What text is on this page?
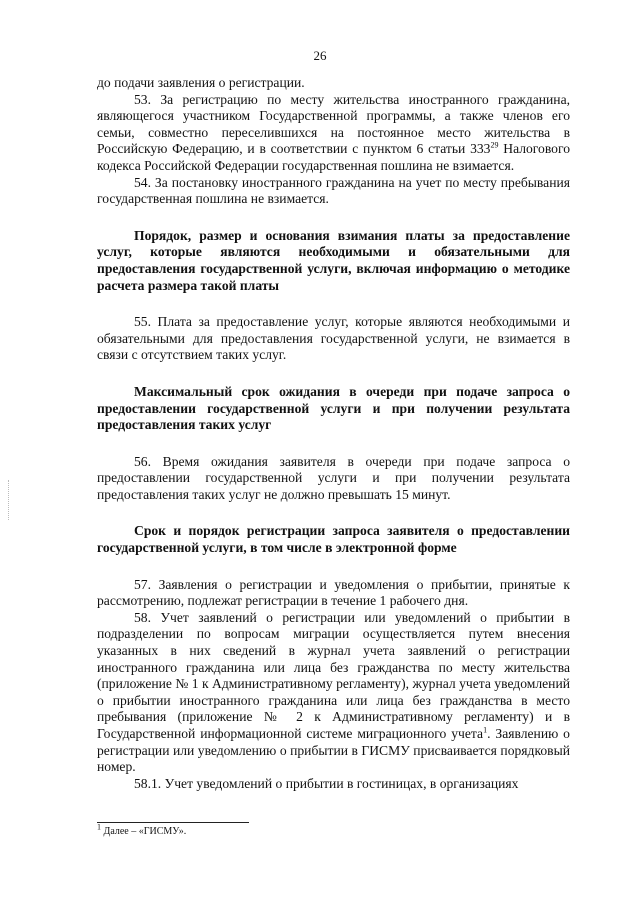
26

до подачи заявления о регистрации.

53. За регистрацию по месту жительства иностранного гражданина, являющегося участником Государственной программы, а также членов его семьи, совместно переселившихся на постоянное место жительства в Российскую Федерацию, и в соответствии с пунктом 6 статьи $333^{29}$ Налогового кодекса Российской Федерации государственная пошлина не взимается.

54. За постановку иностранного гражданина на учет по месту пребывания государственная пошлина не взимается.

Порядок, размер и основания взимания платы за предоставление услуг, которые являются необходимыми и обязательными для предоставления государственной услуги, включая информацию о методике расчета размера такой платы

55. Плата за предоставление услуг, которые являются необходимыми и обязательными для предоставления государственной услуги, не взимается в связи с отсутствием таких услуг.

Максимальный срок ожидания в очереди при подаче запроса о предоставлении государственной услуги и при получении результата предоставления таких услуг

56. Время ожидания заявителя в очереди при подаче запроса о предоставлении государственной услуги и при получении результата предоставления таких услуг не должно превышать 15 минут.

Срок и порядок регистрации запроса заявителя о предоставлении государственной услуги, в том числе в электронной форме

57. Заявления о регистрации и уведомления о прибытии, принятые к рассмотрению, подлежат регистрации в течение 1 рабочего дня.

58. Учет заявлений о регистрации или уведомлений о прибытии в подразделении по вопросам миграции осуществляется путем внесения указанных в них сведений в журнал учета заявлений о регистрации иностранного гражданина или лица без гражданства по месту жительства (приложение № 1 к Административному регламенту), журнал учета уведомлений о прибытии иностранного гражданина или лица без гражданства в место пребывания (приложение № 2 к Административному регламенту) и в Государственной информационной системе миграционного учета$^1$. Заявлению о регистрации или уведомлению о прибытии в ГИСМУ присваивается порядковый номер.

58.1. Учет уведомлений о прибытии в гостиницах, в организациях

$^1$ Далее – «ГИСМУ».
